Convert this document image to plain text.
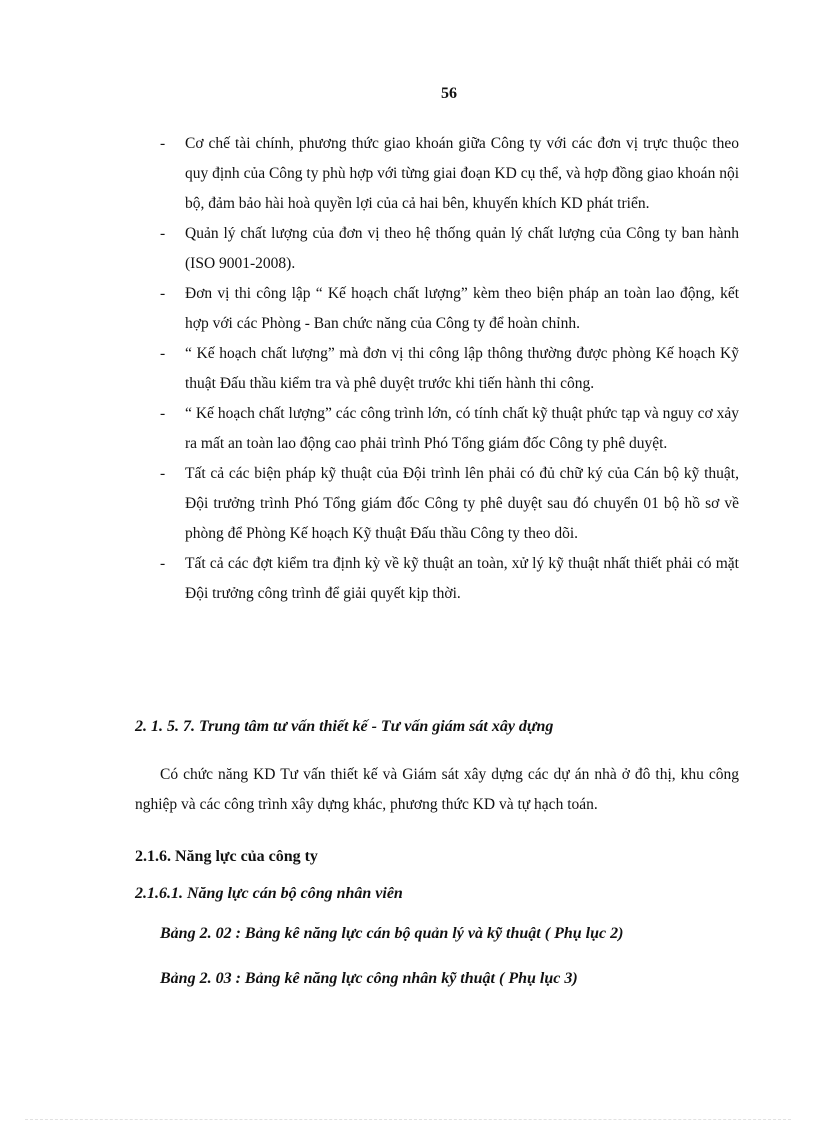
56
- Cơ chế tài chính, phương thức giao khoán giữa Công ty với các đơn vị trực thuộc theo quy định của Công ty phù hợp với từng giai đoạn KD cụ thể, và hợp đồng giao khoán nội bộ, đảm bảo hài hoà quyền lợi của cả hai bên, khuyến khích KD phát triển.
- Quản lý chất lượng của đơn vị theo hệ thống quản lý chất lượng của Công ty ban hành (ISO 9001-2008).
- Đơn vị thi công lập “ Kế hoạch chất lượng” kèm theo biện pháp an toàn lao động, kết hợp với các Phòng - Ban chức năng của Công ty để hoàn chỉnh.
- “ Kế hoạch chất lượng” mà đơn vị thi công lập thông thường được phòng Kế hoạch Kỹ thuật Đấu thầu kiểm tra và phê duyệt trước khi tiến hành thi công.
- “ Kế hoạch chất lượng” các công trình lớn, có tính chất kỹ thuật phức tạp và nguy cơ xảy ra mất an toàn lao động cao phải trình Phó Tổng giám đốc Công ty phê duyệt.
- Tất cả các biện pháp kỹ thuật của Đội trình lên phải có đủ chữ ký của Cán bộ kỹ thuật, Đội trưởng trình Phó Tổng giám đốc Công ty phê duyệt sau đó chuyển 01 bộ hồ sơ về phòng để Phòng Kế hoạch Kỹ thuật Đấu thầu Công ty theo dõi.
- Tất cả các đợt kiểm tra định kỳ về kỹ thuật an toàn, xử lý kỹ thuật nhất thiết phải có mặt Đội trưởng công trình để giải quyết kịp thời.
2. 1. 5. 7. Trung tâm tư vấn thiết kế - Tư vấn giám sát xây dựng
Có chức năng KD Tư vấn thiết kế và Giám sát xây dựng các dự án nhà ở đô thị, khu công nghiệp và các công trình xây dựng khác, phương thức KD và tự hạch toán.
2.1.6. Năng lực của công ty
2.1.6.1. Năng lực cán bộ công nhân viên
Bảng 2. 02 : Bảng kê năng lực cán bộ quản lý và kỹ thuật ( Phụ lục 2)
Bảng 2. 03 : Bảng kê năng lực công nhân kỹ thuật ( Phụ lục 3)
